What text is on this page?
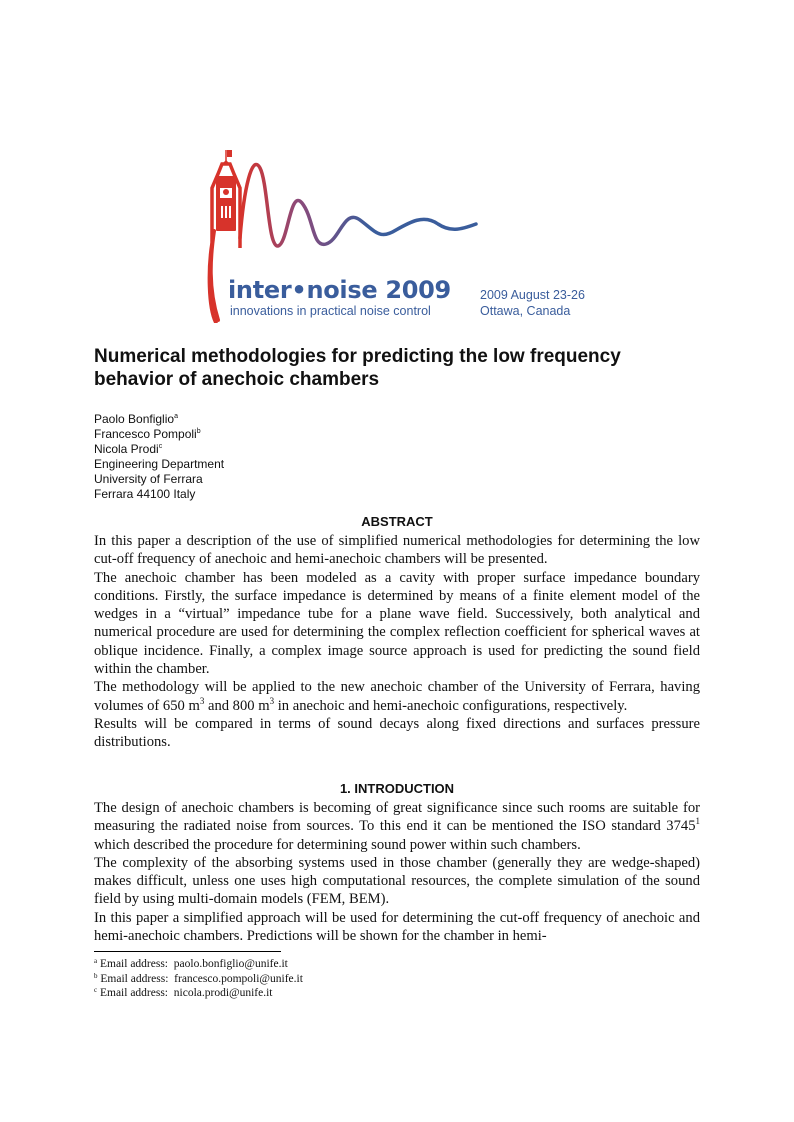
inter•noise 2009
innovations in practical noise control
2009 August 23-26
Ottawa, Canada
Numerical methodologies for predicting the low frequency behavior of anechoic chambers
Paolo Bonfiglio$^a$
Francesco Pompoli$^b$
Nicola Prodi$^c$
Engineering Department
University of Ferrara
Ferrara 44100 Italy
ABSTRACT

In this paper a description of the use of simplified numerical methodologies for determining the low cut-off frequency of anechoic and hemi-anechoic chambers will be presented.

The anechoic chamber has been modeled as a cavity with proper surface impedance boundary conditions. Firstly, the surface impedance is determined by means of a finite element model of the wedges in a “virtual” impedance tube for a plane wave field. Successively, both analytical and numerical procedure are used for determining the complex reflection coefficient for spherical waves at oblique incidence. Finally, a complex image source approach is used for predicting the sound field within the chamber.

The methodology will be applied to the new anechoic chamber of the University of Ferrara, having volumes of 650 $m^3$ and 800 $m^3$ in anechoic and hemi-anechoic configurations, respectively.

Results will be compared in terms of sound decays along fixed directions and surfaces pressure distributions.

1. INTRODUCTION

The design of anechoic chambers is becoming of great significance since such rooms are suitable for measuring the radiated noise from sources. To this end it can be mentioned the ISO standard 3745$^1$ which described the procedure for determining sound power within such chambers.

The complexity of the absorbing systems used in those chamber (generally they are wedge-shaped) makes difficult, unless one uses high computational resources, the complete simulation of the sound field by using multi-domain models (FEM, BEM).

In this paper a simplified approach will be used for determining the cut-off frequency of anechoic and hemi-anechoic chambers. Predictions will be shown for the chamber in hemi-

$^a$ Email address: paolo.bonfiglio@unife.it
$^b$ Email address: francesco.pompoli@unife.it
$^c$ Email address: nicola.prodi@unife.it
